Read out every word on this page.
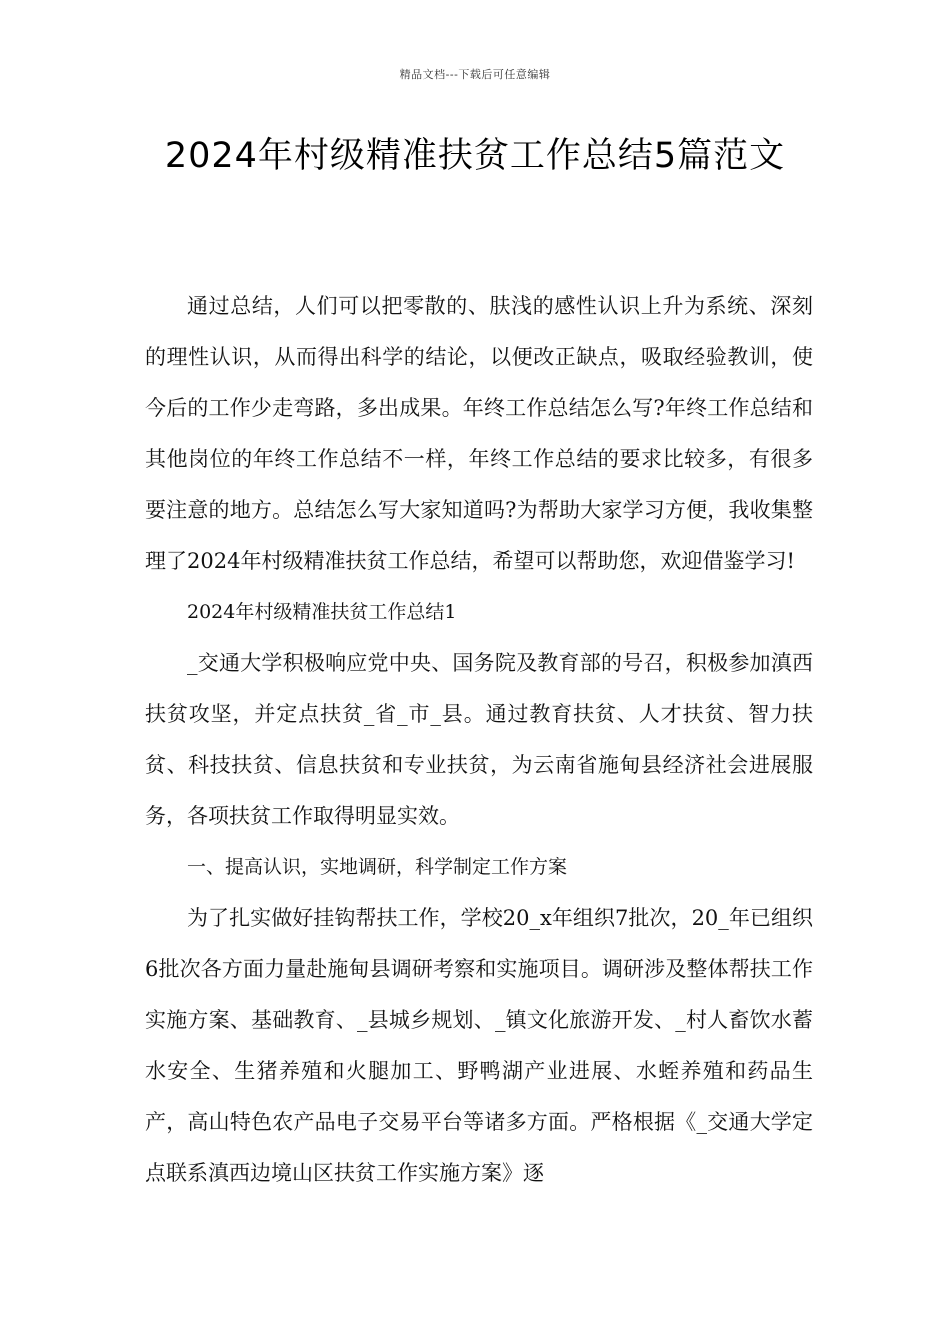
精品文档---下载后可任意编辑
2024年村级精准扶贫工作总结5篇范文

通过总结，人们可以把零散的、肤浅的感性认识上升为系统、深刻的理性认识，从而得出科学的结论，以便改正缺点，吸取经验教训，使今后的工作少走弯路，多出成果。年终工作总结怎么写?年终工作总结和其他岗位的年终工作总结不一样，年终工作总结的要求比较多，有很多要注意的地方。总结怎么写大家知道吗?为帮助大家学习方便，我收集整理了2024年村级精准扶贫工作总结，希望可以帮助您，欢迎借鉴学习!

2024年村级精准扶贫工作总结1

_交通大学积极响应党中央、国务院及教育部的号召，积极参加滇西扶贫攻坚，并定点扶贫_省_市_县。通过教育扶贫、人才扶贫、智力扶贫、科技扶贫、信息扶贫和专业扶贫，为云南省施甸县经济社会进展服务，各项扶贫工作取得明显实效。

一、提高认识，实地调研，科学制定工作方案

为了扎实做好挂钩帮扶工作，学校20_x年组织7批次，20_年已组织6批次各方面力量赴施甸县调研考察和实施项目。调研涉及整体帮扶工作实施方案、基础教育、_县城乡规划、_镇文化旅游开发、_村人畜饮水蓄水安全、生猪养殖和火腿加工、野鸭湖产业进展、水蛭养殖和药品生产，高山特色农产品电子交易平台等诸多方面。严格根据《_交通大学定点联系滇西边境山区扶贫工作实施方案》逐
